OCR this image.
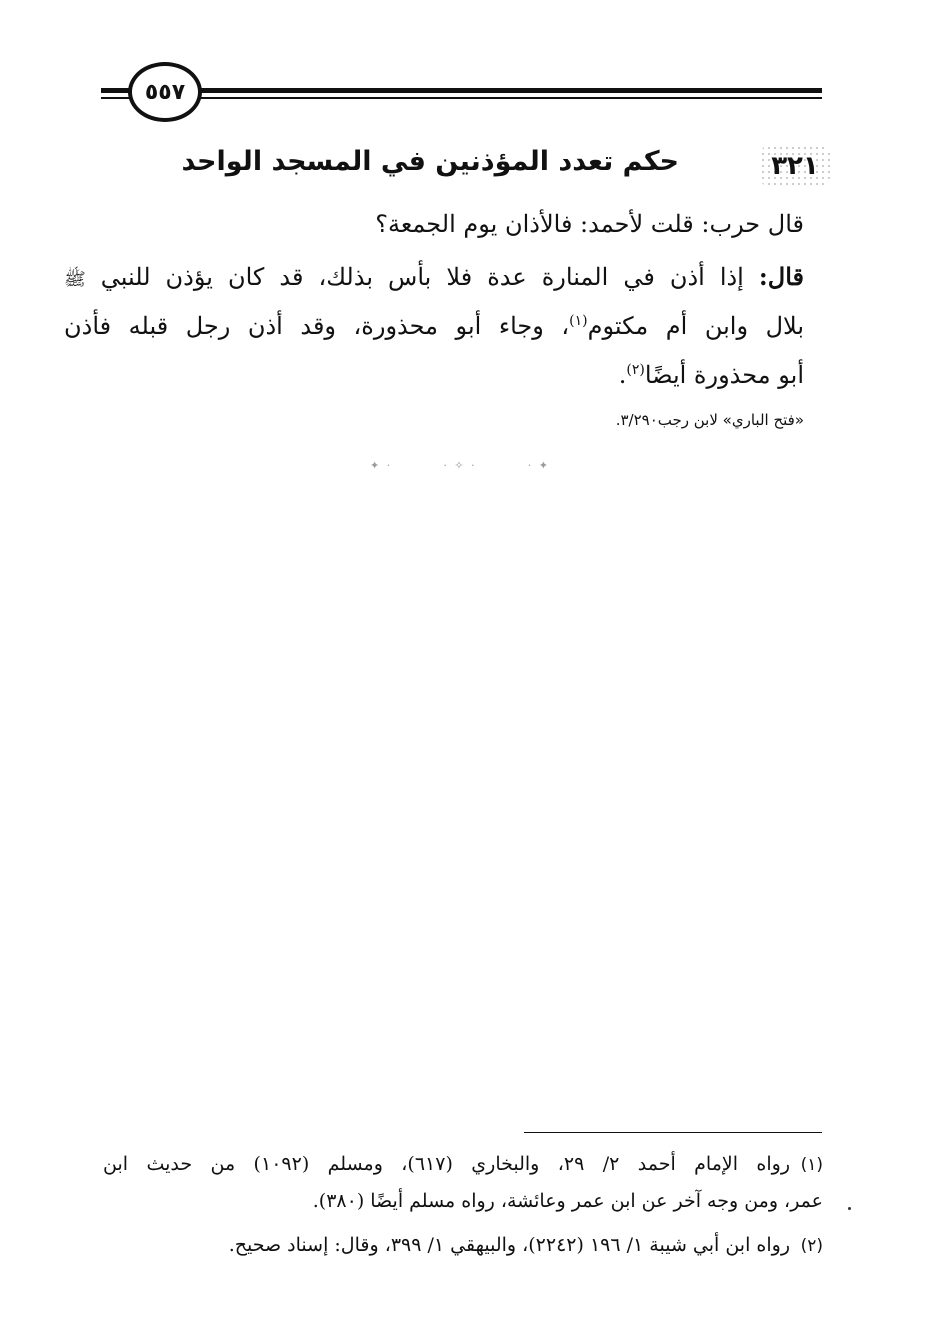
٥٥٧
٣٢١
حكم تعدد المؤذنين في المسجد الواحد
قال حرب: قلت لأحمد: فالأذان يوم الجمعة؟
قال: إذا أذن في المنارة عدة فلا بأس بذلك، قد كان يؤذن للنبي ﷺ
بلال وابن أم مكتوم$^{(١)}$، وجاء أبو محذورة، وقد أذن رجل قبله فأذن
أبو محذورة أيضًا$^{(٢)}$.
«فتح الباري» لابن رجب٣/٢٩٠.
✦ ·	· ✧ ·	· ✦
(١)رواه الإمام أحمد ٢/ ٢٩، والبخاري (٦١٧)، ومسلم (١٠٩٢) من حديث ابن
عمر، ومن وجه آخر عن ابن عمر وعائشة، رواه مسلم أيضًا (٣٨٠).
(٢)رواه ابن أبي شيبة ١/ ١٩٦ (٢٢٤٢)، والبيهقي ١/ ٣٩٩، وقال: إسناد صحيح.
